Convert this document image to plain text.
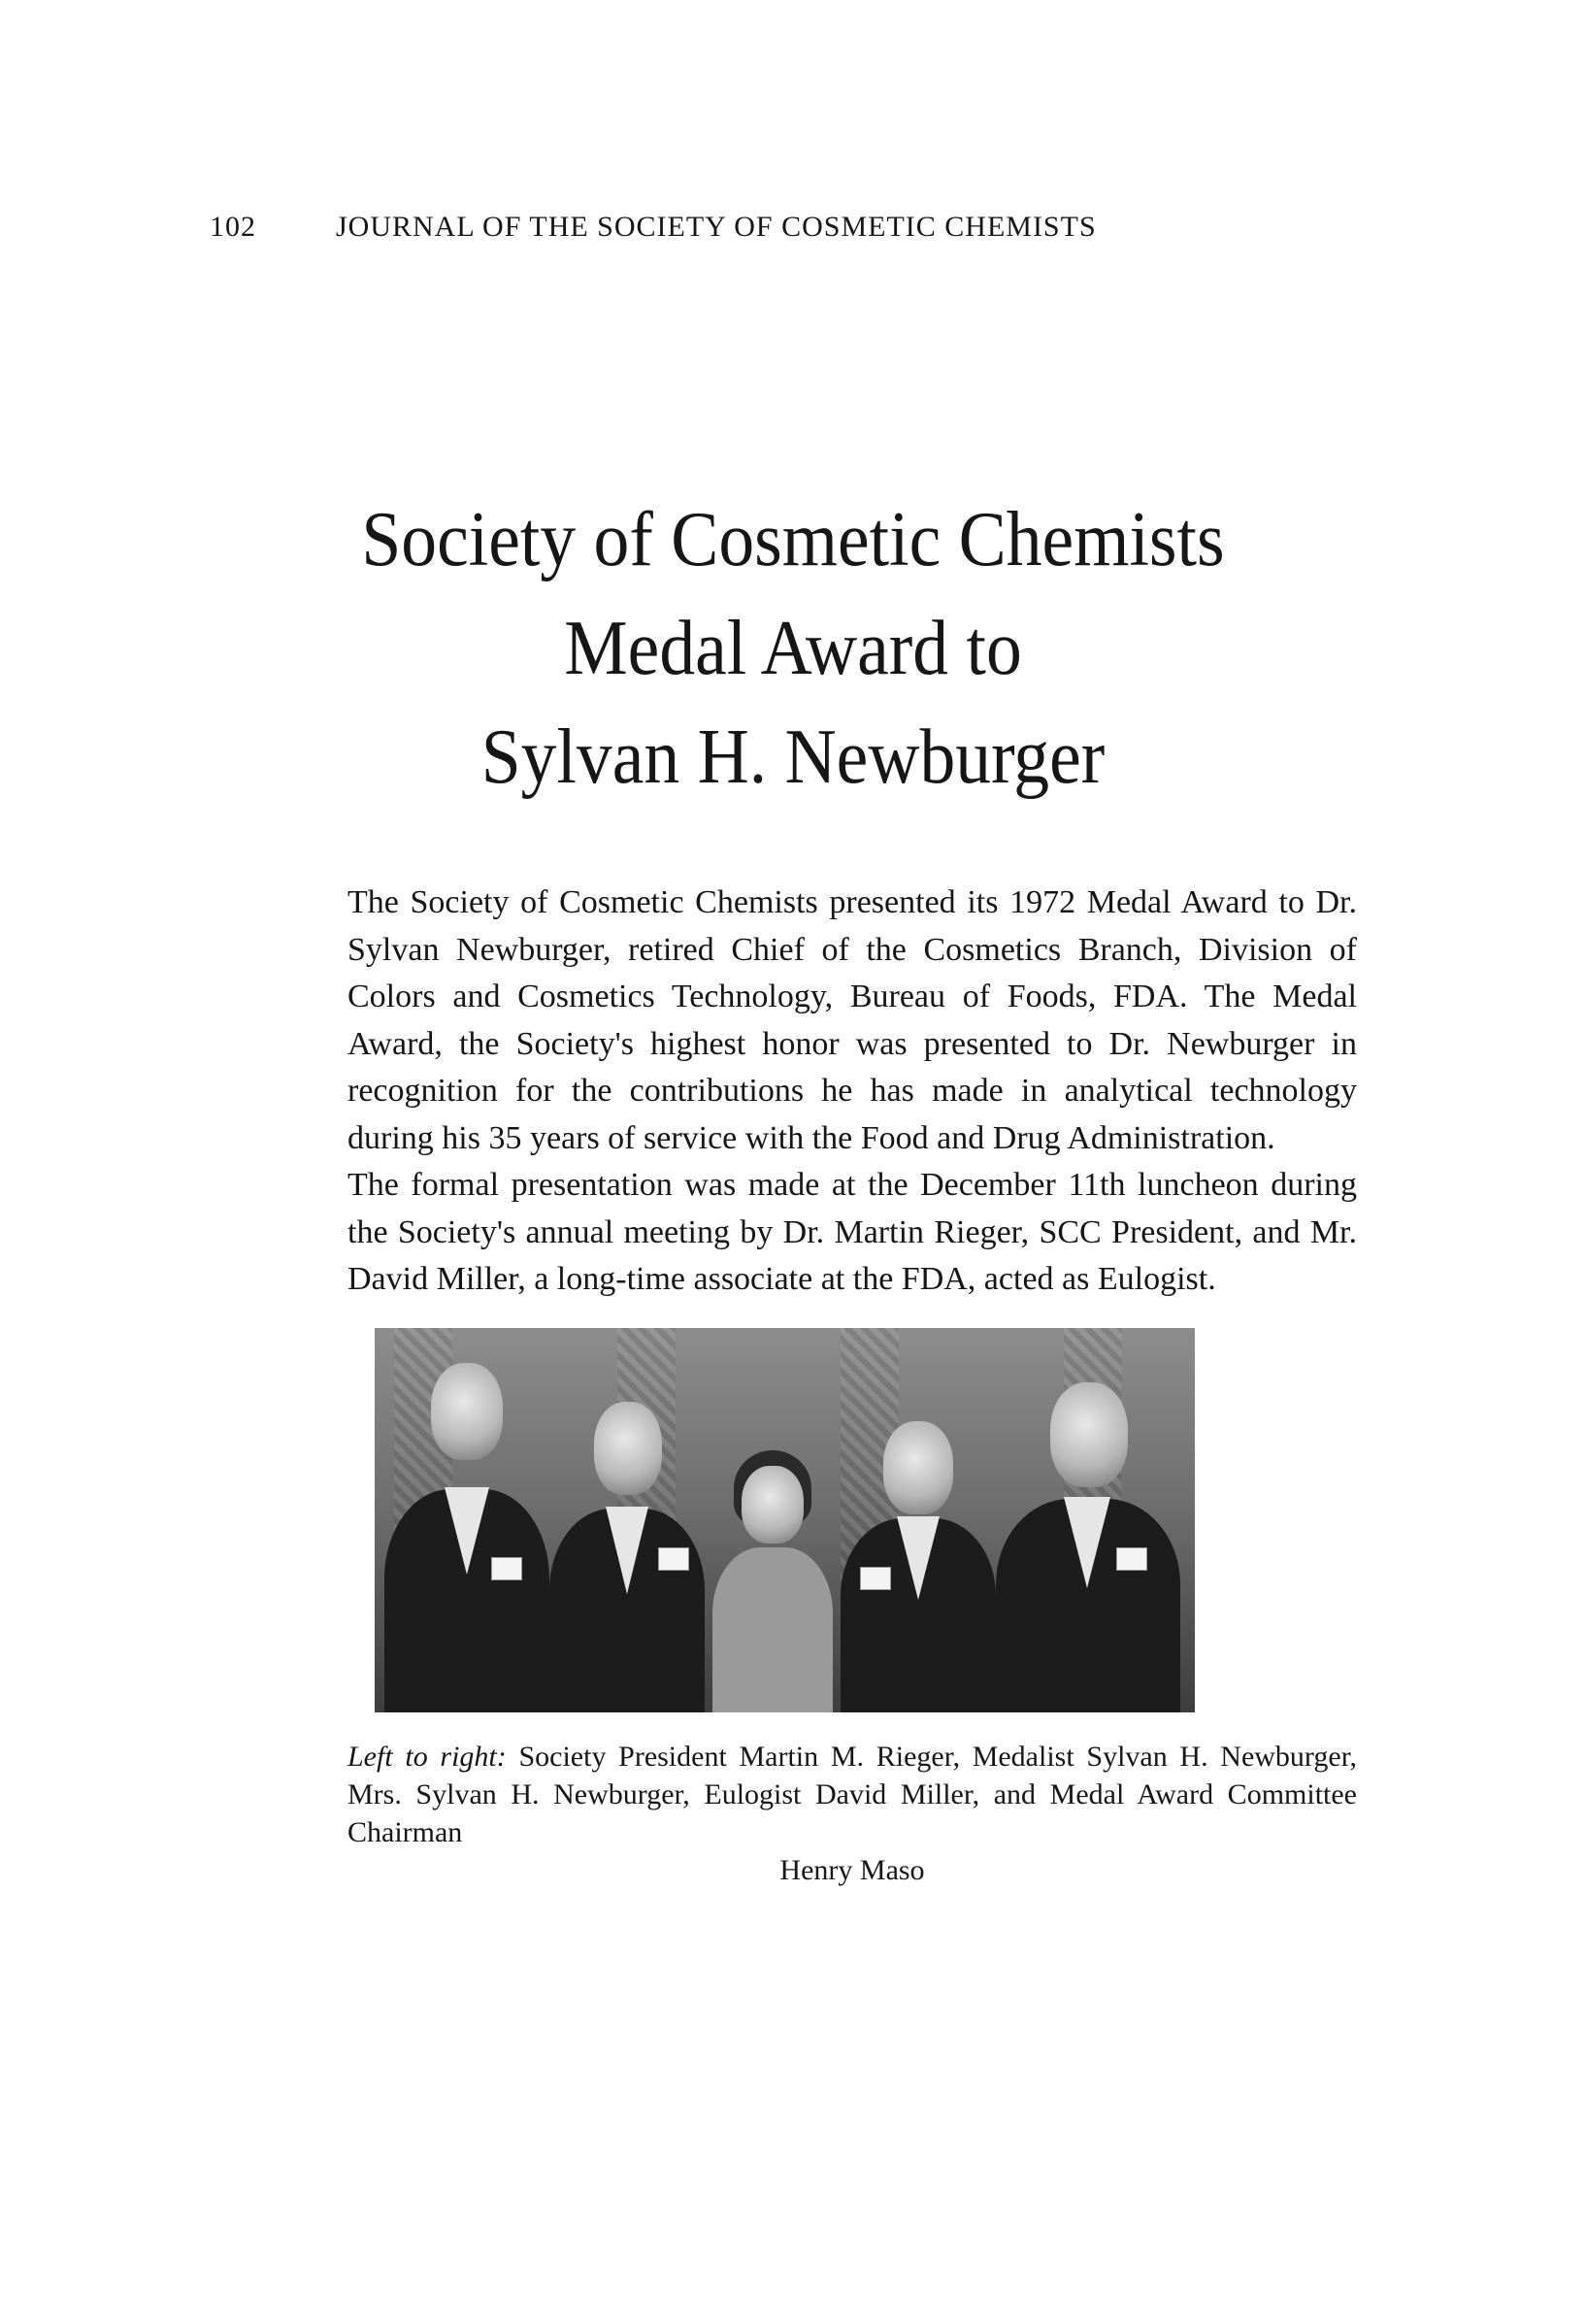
102	JOURNAL OF THE SOCIETY OF COSMETIC CHEMISTS
Society of Cosmetic Chemists
Medal Award to
Sylvan H. Newburger

The Society of Cosmetic Chemists presented its 1972 Medal Award to Dr. Sylvan Newburger, retired Chief of the Cosmetics Branch, Division of Colors and Cosmetics Technology, Bureau of Foods, FDA. The Medal Award, the Society's highest honor was presented to Dr. Newburger in recognition for the contributions he has made in analytical technology during his 35 years of service with the Food and Drug Administration.

The formal presentation was made at the December 11th luncheon during the Society's annual meeting by Dr. Martin Rieger, SCC President, and Mr. David Miller, a long-time associate at the FDA, acted as Eulogist.

Left to right: Society President Martin M. Rieger, Medalist Sylvan H. Newburger, Mrs. Sylvan H. Newburger, Eulogist David Miller, and Medal Award Committee Chairman
Henry Maso
